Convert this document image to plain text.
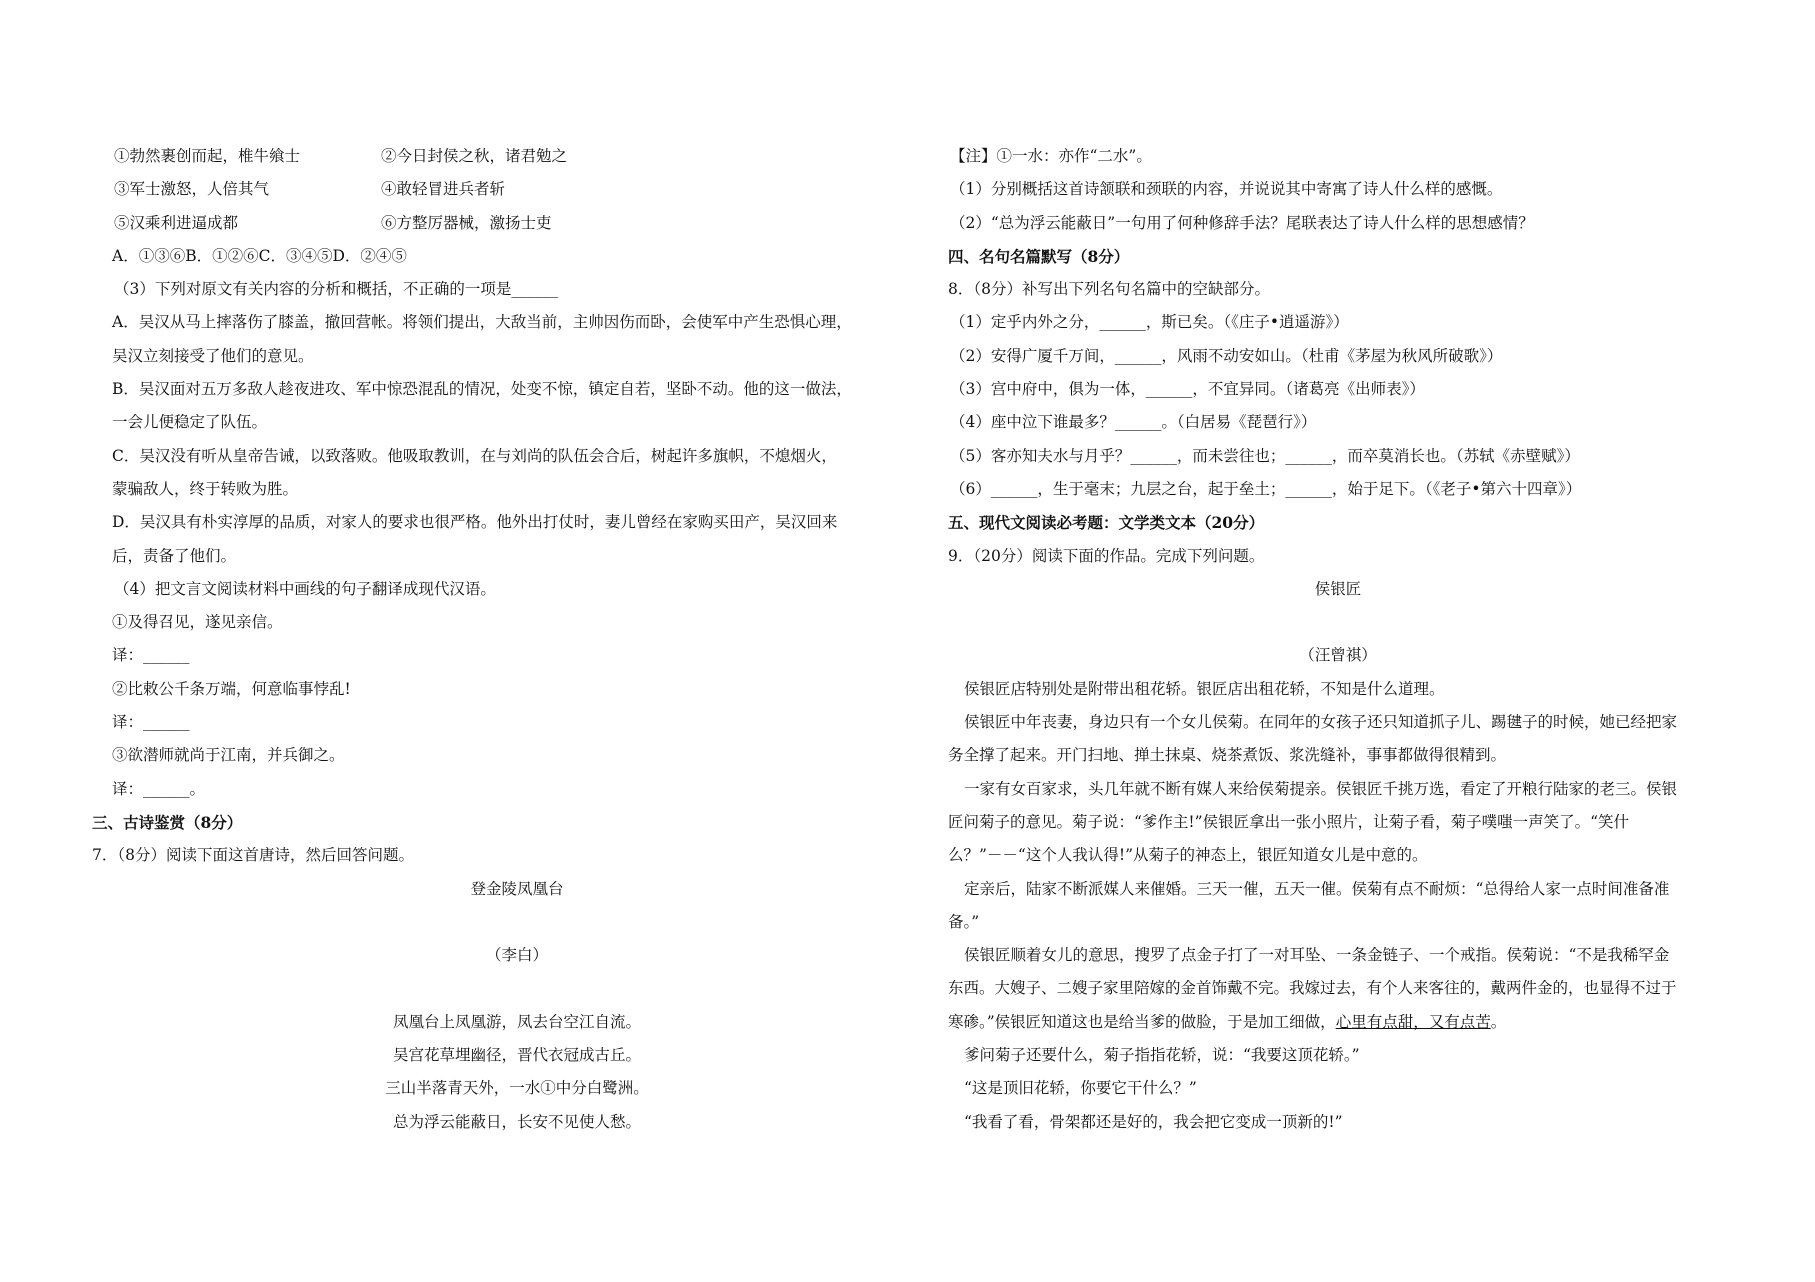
①勃然裹创而起，椎牛飨士	②今日封侯之秋，诸君勉之
③军士激怒，人倍其气	④敢轻冒进兵者斩
⑤汉乘利进逼成都	⑥方整厉器械，激扬士吏
A．①③⑥B．①②⑥C．③④⑤D．②④⑤
（3）下列对原文有关内容的分析和概括，不正确的一项是______
A．吴汉从马上摔落伤了膝盖，撤回营帐。将领们提出，大敌当前，主帅因伤而卧，会使军中产生恐惧心理，
吴汉立刻接受了他们的意见。
B．吴汉面对五万多敌人趁夜进攻、军中惊恐混乱的情况，处变不惊，镇定自若，坚卧不动。他的这一做法，
一会儿便稳定了队伍。
C．吴汉没有听从皇帝告诫，以致落败。他吸取教训，在与刘尚的队伍会合后，树起许多旗帜，不熄烟火，
蒙骗敌人，终于转败为胜。
D．吴汉具有朴实淳厚的品质，对家人的要求也很严格。他外出打仗时，妻儿曾经在家购买田产，吴汉回来
后，责备了他们。
（4）把文言文阅读材料中画线的句子翻译成现代汉语。
①及得召见，遂见亲信。
译：______
②比敕公千条万端，何意临事悖乱!
译：______
③欲潜师就尚于江南，并兵御之。
译：______。
三、古诗鉴赏（8分）
7．（8分）阅读下面这首唐诗，然后回答问题。
登金陵凤凰台
（李白）
凤凰台上凤凰游，凤去台空江自流。
吴宫花草埋幽径，晋代衣冠成古丘。
三山半落青天外，一水①中分白鹭洲。
总为浮云能蔽日，长安不见使人愁。
【注】①一水：亦作“二水”。
（1）分别概括这首诗颔联和颈联的内容，并说说其中寄寓了诗人什么样的感慨。
（2）“总为浮云能蔽日”一句用了何种修辞手法？尾联表达了诗人什么样的思想感情？
四、名句名篇默写（8分）
8．（8分）补写出下列名句名篇中的空缺部分。
（1）定乎内外之分，______，斯已矣。（《庄子•逍遥游》）
（2）安得广厦千万间，______，风雨不动安如山。（杜甫《茅屋为秋风所破歌》）
（3）宫中府中，俱为一体，______，不宜异同。（诸葛亮《出师表》）
（4）座中泣下谁最多？______。（白居易《琵琶行》）
（5）客亦知夫水与月乎？______，而未尝往也；______，而卒莫消长也。（苏轼《赤壁赋》）
（6）______，生于毫末；九层之台，起于垒土；______，始于足下。（《老子•第六十四章》）
五、现代文阅读必考题：文学类文本（20分）
9．（20分）阅读下面的作品。完成下列问题。
侯银匠
（汪曾祺）
侯银匠店特别处是附带出租花轿。银匠店出租花轿，不知是什么道理。
侯银匠中年丧妻，身边只有一个女儿侯菊。在同年的女孩子还只知道抓子儿、踢毽子的时候，她已经把家
务全撑了起来。开门扫地、掸土抹桌、烧茶煮饭、浆洗缝补，事事都做得很精到。
一家有女百家求，头几年就不断有媒人来给侯菊提亲。侯银匠千挑万选，看定了开粮行陆家的老三。侯银
匠问菊子的意见。菊子说：“爹作主!”侯银匠拿出一张小照片，让菊子看，菊子噗嗤一声笑了。“笑什
么？”－－“这个人我认得!”从菊子的神态上，银匠知道女儿是中意的。
定亲后，陆家不断派媒人来催婚。三天一催，五天一催。侯菊有点不耐烦：“总得给人家一点时间准备准
备。”
侯银匠顺着女儿的意思，搜罗了点金子打了一对耳坠、一条金链子、一个戒指。侯菊说：“不是我稀罕金
东西。大嫂子、二嫂子家里陪嫁的金首饰戴不完。我嫁过去，有个人来客往的，戴两件金的，也显得不过于
寒碜。”侯银匠知道这也是给当爹的做脸，于是加工细做，心里有点甜，又有点苦。
爹问菊子还要什么，菊子指指花轿，说：“我要这顶花轿。”
“这是顶旧花轿，你要它干什么？”
“我看了看，骨架都还是好的，我会把它变成一顶新的!”
